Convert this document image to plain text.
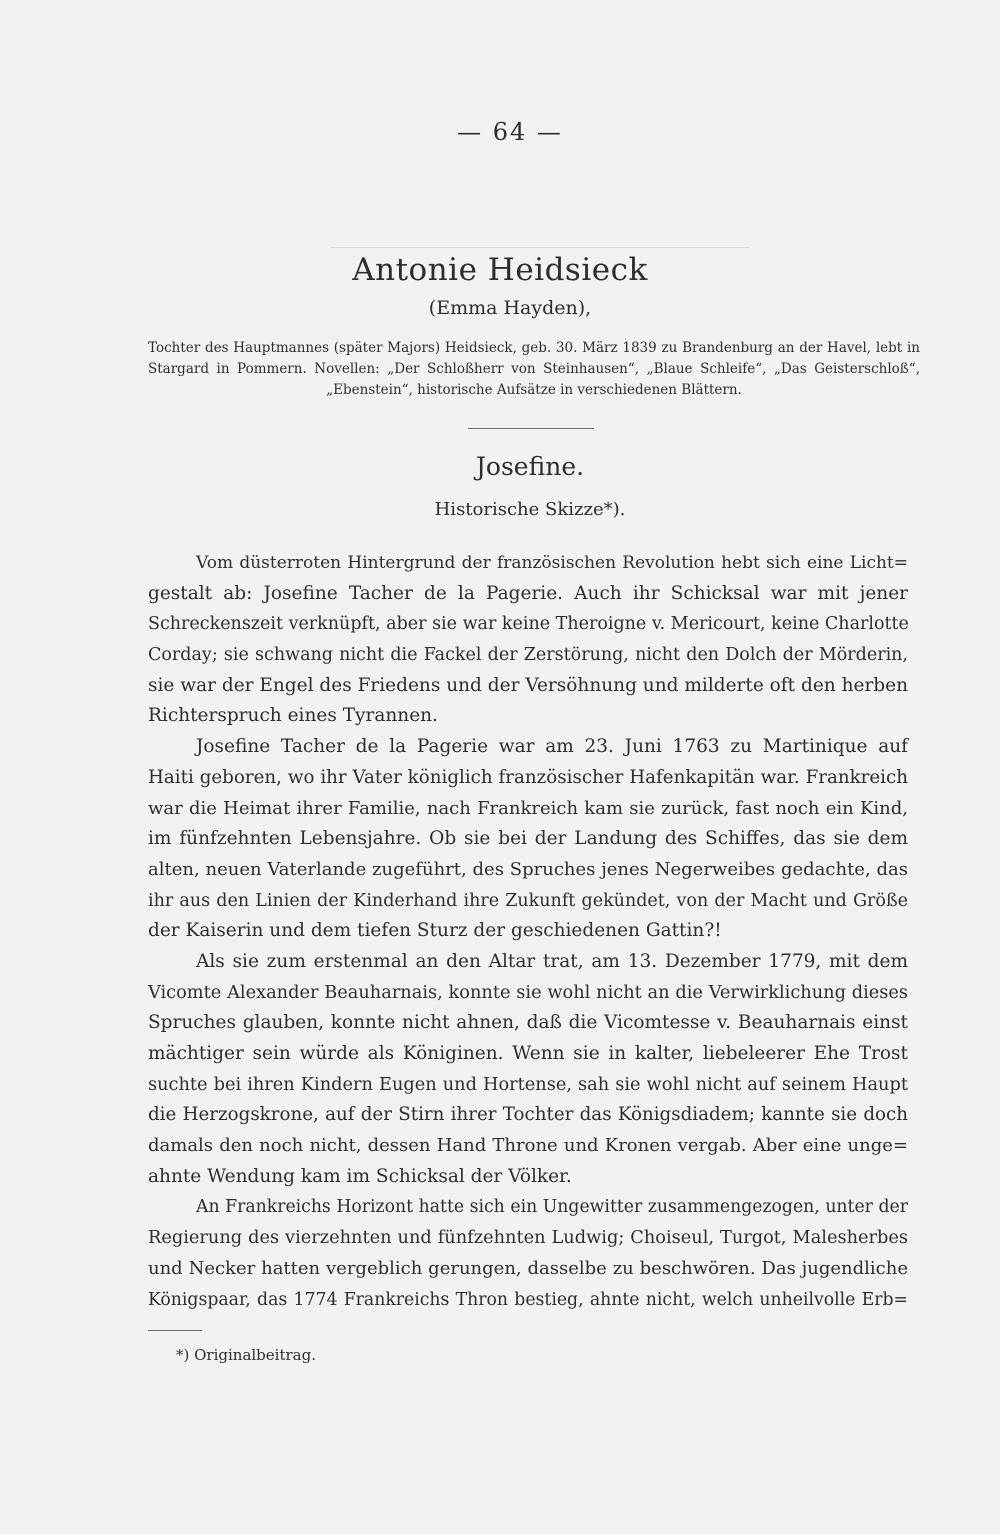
— 64 —
Antonie Heidsieck
(Emma Hayden),
Tochter des Hauptmannes (später Majors) Heidsieck, geb. 30. März 1839 zu Brandenburg an der Havel, lebt in
Stargard in Pommern. Novellen: „Der Schloßherr von Steinhausen“, „Blaue Schleife“, „Das Geisterschloß“,
„Ebenstein“, historische Aufsätze in verschiedenen Blättern.
Josefine.
Historische Skizze*).
Vom düsterroten Hintergrund der französischen Revolution hebt sich eine Licht=
gestalt ab: Josefine Tacher de la Pagerie. Auch ihr Schicksal war mit jener
Schreckenszeit verknüpft, aber sie war keine Theroigne v. Mericourt, keine Charlotte
Corday; sie schwang nicht die Fackel der Zerstörung, nicht den Dolch der Mörderin,
sie war der Engel des Friedens und der Versöhnung und milderte oft den herben
Richterspruch eines Tyrannen.
Josefine Tacher de la Pagerie war am 23. Juni 1763 zu Martinique auf
Haiti geboren, wo ihr Vater königlich französischer Hafenkapitän war. Frankreich
war die Heimat ihrer Familie, nach Frankreich kam sie zurück, fast noch ein Kind,
im fünfzehnten Lebensjahre. Ob sie bei der Landung des Schiffes, das sie dem
alten, neuen Vaterlande zugeführt, des Spruches jenes Negerweibes gedachte, das
ihr aus den Linien der Kinderhand ihre Zukunft gekündet, von der Macht und Größe
der Kaiserin und dem tiefen Sturz der geschiedenen Gattin?!
Als sie zum erstenmal an den Altar trat, am 13. Dezember 1779, mit dem
Vicomte Alexander Beauharnais, konnte sie wohl nicht an die Verwirklichung dieses
Spruches glauben, konnte nicht ahnen, daß die Vicomtesse v. Beauharnais einst
mächtiger sein würde als Königinen. Wenn sie in kalter, liebeleerer Ehe Trost
suchte bei ihren Kindern Eugen und Hortense, sah sie wohl nicht auf seinem Haupt
die Herzogskrone, auf der Stirn ihrer Tochter das Königsdiadem; kannte sie doch
damals den noch nicht, dessen Hand Throne und Kronen vergab. Aber eine unge=
ahnte Wendung kam im Schicksal der Völker.
An Frankreichs Horizont hatte sich ein Ungewitter zusammengezogen, unter der
Regierung des vierzehnten und fünfzehnten Ludwig; Choiseul, Turgot, Malesherbes
und Necker hatten vergeblich gerungen, dasselbe zu beschwören. Das jugendliche
Königspaar, das 1774 Frankreichs Thron bestieg, ahnte nicht, welch unheilvolle Erb=
*) Originalbeitrag.
